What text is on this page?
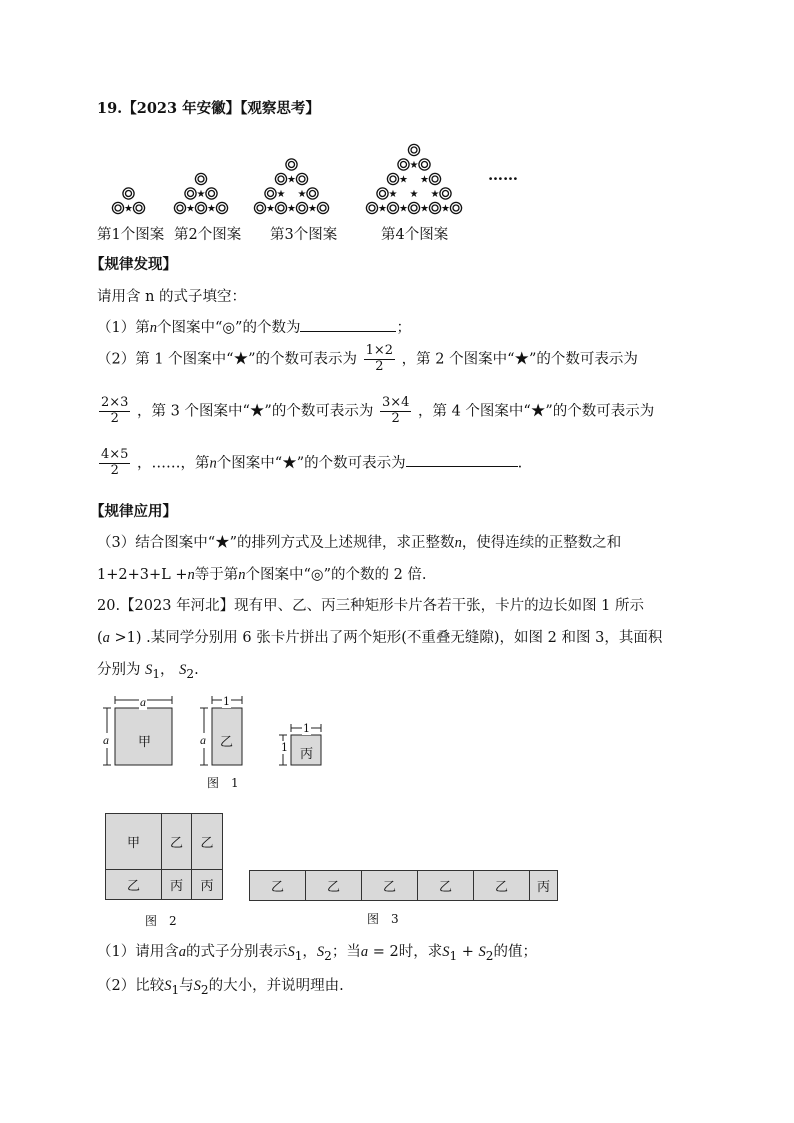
19.【2023 年安徽】【观察思考】
★
★
★ ★
★
★ ★
★ ★ ★
★
★ ★
★ ★ ★
★ ★ ★ ★
……
第1个图案 第2个图案 第3个图案	第4个图案
【规律发现】
请用含 n 的式子填空：
（1）第n个图案中“◎”的个数为	；
（2）第 1 个图案中“★”的个数可表示为 $\frac{1\times 2}{2}$ ，第 2 个图案中“★”的个数可表示为
$\frac{2\times 3}{2}$ ，第 3 个图案中“★”的个数可表示为 $\frac{3\times 4}{2}$ ，第 4 个图案中“★”的个数可表示为
$\frac{4\times 5}{2}$ ，……，第n个图案中“★”的个数可表示为	.
【规律应用】
（3）结合图案中“★”的排列方式及上述规律，求正整数n，使得连续的正整数之和
1+2+3+L +n等于第n个图案中“◎”的个数的 2 倍.
20.【2023 年河北】现有甲、乙、丙三种矩形卡片各若干张，卡片的边长如图 1 所示
(a >1) .某同学分别用 6 张卡片拼出了两个矩形(不重叠无缝隙)，如图 2 和图 3，其面积
分别为 $S_1$， $S_2$.
a
a 甲
1
a 乙
1
1 丙
图　1
甲	乙	乙
乙	丙	丙
图　2
乙	乙	乙	乙	乙	丙
图　3
（1）请用含a的式子分别表示$S_1$，$S_2$；当a = 2时，求$S_1 + S_2$的值；
（2）比较$S_1$与$S_2$的大小，并说明理由.
